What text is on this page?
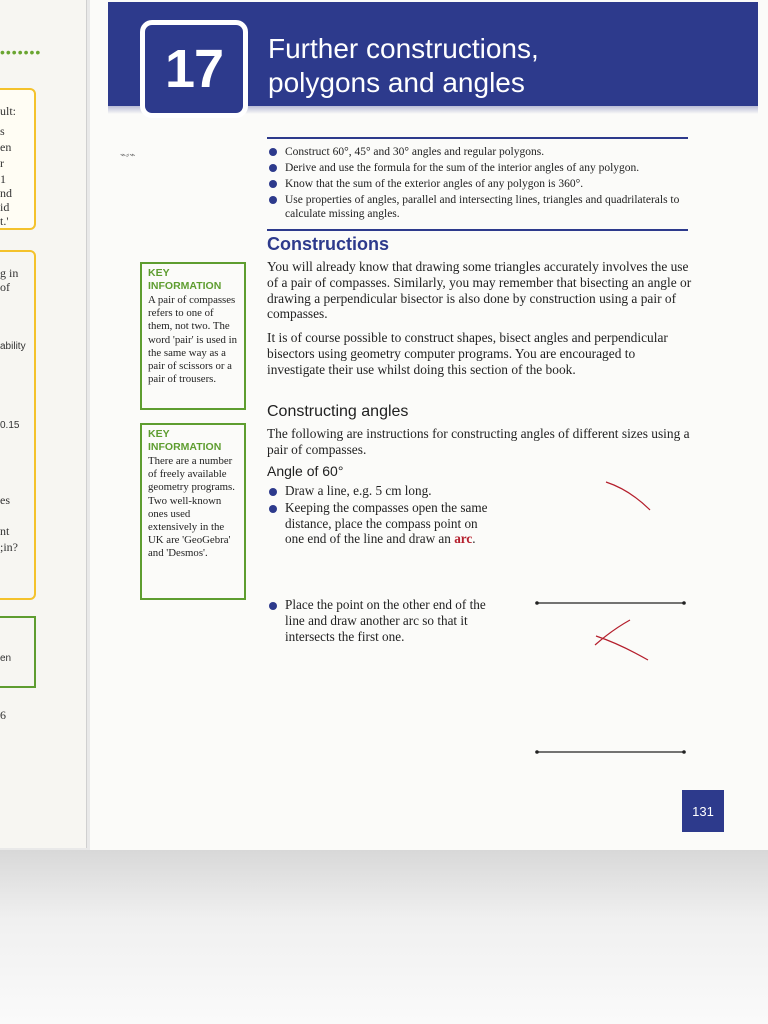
•••••••
ult:
s
en
r
1
nd
id
t.'
g in
of
ability
0.15
es
nt
;in?
en
6
17	Further constructions,
polygons and angles
⌁⸗⌁	Construct 60°, 45° and 30° angles and regular polygons.
Derive and use the formula for the sum of the interior angles of any polygon.
Know that the sum of the exterior angles of any polygon is 360°.
Use properties of angles, parallel and intersecting lines, triangles and quadrilaterals to calculate missing angles.
Constructions

You will already know that drawing some triangles accurately involves the use of a pair of compasses. Similarly, you may remember that bisecting an angle or drawing a perpendicular bisector is also done by construction using a pair of compasses.

It is of course possible to construct shapes, bisect angles and perpendicular bisectors using geometry computer programs. You are encouraged to investigate their use whilst doing this section of the book.

Constructing angles

The following are instructions for constructing angles of different sizes using a pair of compasses.

Angle of 60°
Draw a line, e.g. 5 cm long.
Keeping the compasses open the same distance, place the compass point on one end of the line and draw an arc.
Place the point on the other end of the line and draw another arc so that it intersects the first one.
KEY INFORMATION
A pair of compasses refers to one of them, not two. The word 'pair' is used in the same way as a pair of scissors or a pair of trousers.
KEY INFORMATION
There are a number of freely available geometry programs. Two well-known ones used extensively in the UK are 'GeoGebra' and 'Desmos'.
131
